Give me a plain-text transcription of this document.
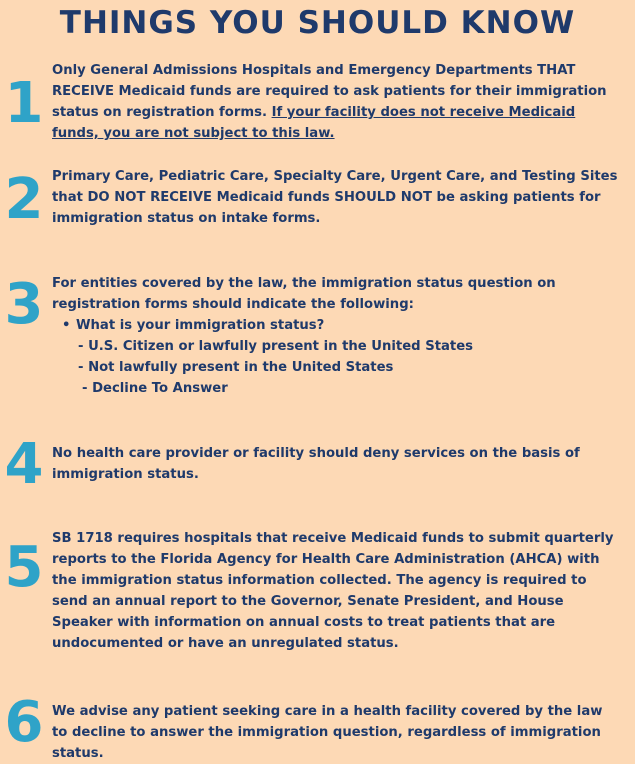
THINGS YOU SHOULD KNOW
1

Only General Admissions Hospitals and Emergency Departments THAT RECEIVE Medicaid funds are required to ask patients for their immigration status on registration forms. If your facility does not receive Medicaid funds, you are not subject to this law.

2 Primary Care, Pediatric Care, Specialty Care, Urgent Care, and Testing Sites that DO NOT RECEIVE Medicaid funds SHOULD NOT be asking patients for immigration status on intake forms.
3 For entities covered by the law, the immigration status question on registration forms should indicate the following:

• What is your immigration status?

- U.S. Citizen or lawfully present in the United States

- Not lawfully present in the United States

- Decline To Answer

4 No health care provider or facility should deny services on the basis of immigration status.
5 SB 1718 requires hospitals that receive Medicaid funds to submit quarterly reports to the Florida Agency for Health Care Administration (AHCA) with the immigration status information collected. The agency is required to send an annual report to the Governor, Senate President, and House Speaker with information on annual costs to treat patients that are undocumented or have an unregulated status.
6 We advise any patient seeking care in a health facility covered by the law to decline to answer the immigration question, regardless of immigration status.
